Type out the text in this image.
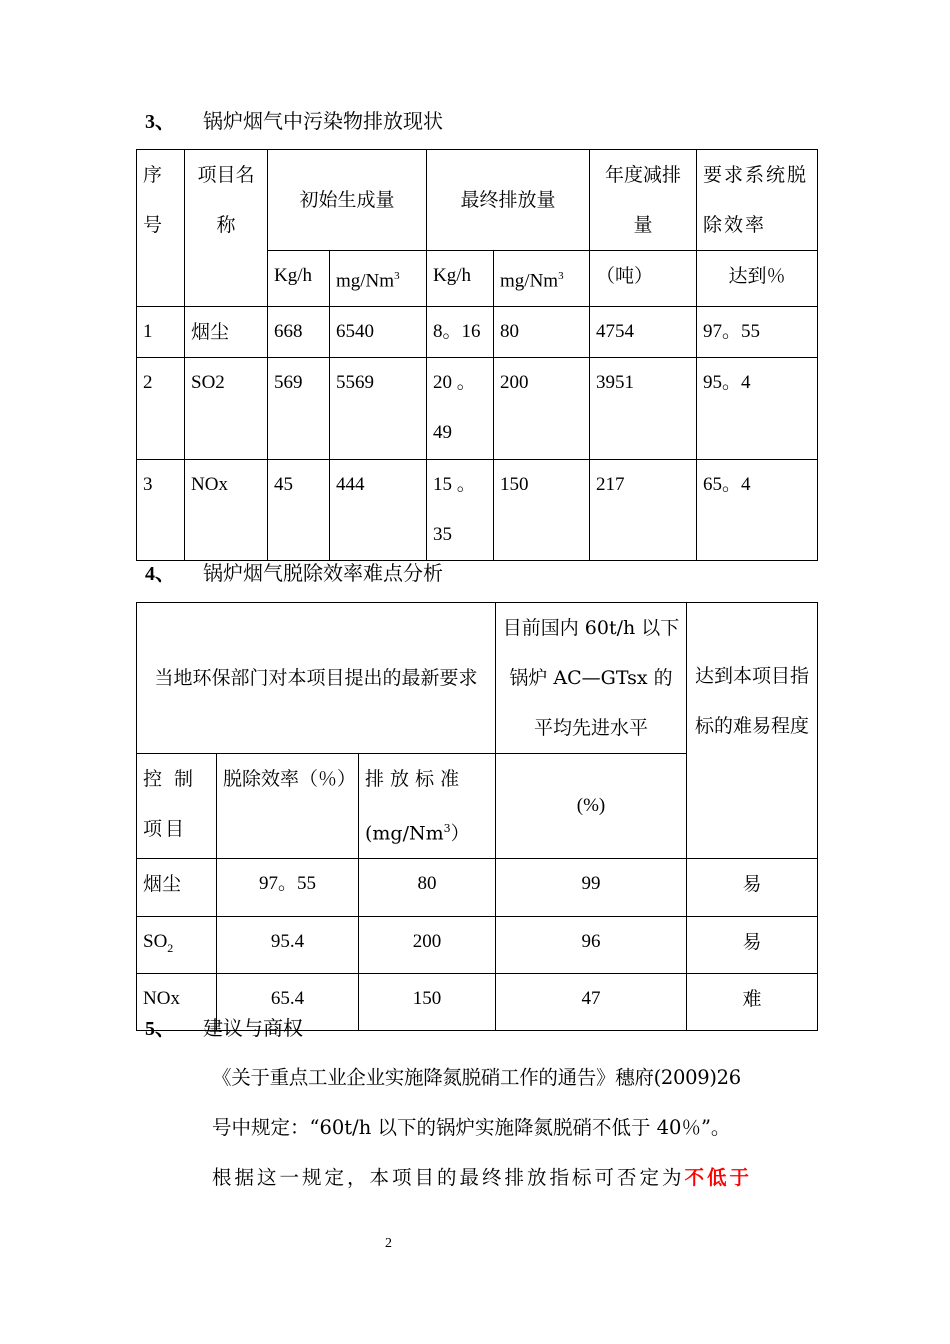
3、 锅炉烟气中污染物排放现状
序号	项目名称	初始生成量		最终排放量		年度减排量	要求系统脱除效率
		Kg/h	mg/Nm$^3$	Kg/h	mg/Nm$^3$	（吨）	达到％
1	烟尘	668	6540	8。16	80	4754	97。55
2	SO2	569	5569	20 。49	200	3951	95。4
3	NOx	45	444	15 。35	150	217	65。4
4、 锅炉烟气脱除效率难点分析
当地环保部门对本项目提出的最新要求			目前国内 60t/h 以下锅炉 AC—GTsx 的平均先进水平	达到本项目指标的难易程度
控 制项目	脱除效率（％）	排 放 标 准(mg/Nm$^3$）	(%)	
烟尘	97。55	80	99	易
$SO_2$	95.4	200	96	易
NOx	65.4	150	47	难
5、 建议与商权
《关于重点工业企业实施降氮脱硝工作的通告》穗府(2009)26
号中规定：“60t/h 以下的锅炉实施降氮脱硝不低于 40％”。
根据这一规定，本项目的最终排放指标可否定为不低于
2
